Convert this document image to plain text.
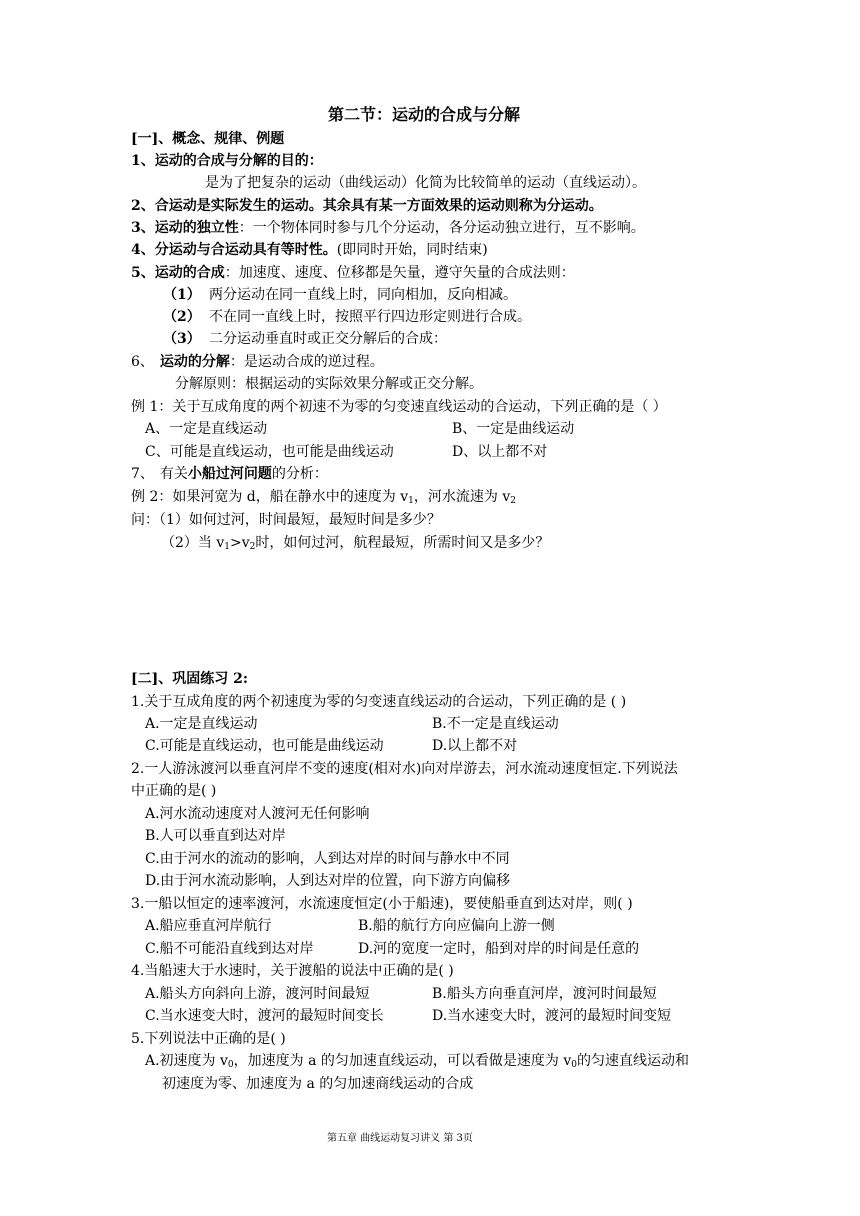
第二节：运动的合成与分解
[一]、概念、规律、例题
1、运动的合成与分解的目的：
是为了把复杂的运动（曲线运动）化简为比较简单的运动（直线运动）。
2、合运动是实际发生的运动。其余具有某一方面效果的运动则称为分运动。
3、运动的独立性：一个物体同时参与几个分运动，各分运动独立进行，互不影响。
4、分运动与合运动具有等时性。(即同时开始，同时结束)
5、运动的合成：加速度、速度、位移都是矢量，遵守矢量的合成法则：
（1） 两分运动在同一直线上时，同向相加，反向相减。
（2） 不在同一直线上时，按照平行四边形定则进行合成。
（3） 二分运动垂直时或正交分解后的合成：
6、 运动的分解：是运动合成的逆过程。
分解原则：根据运动的实际效果分解或正交分解。
例 1：关于互成角度的两个初速不为零的匀变速直线运动的合运动，下列正确的是（ ）
A、一定是直线运动	B、一定是曲线运动
C、可能是直线运动，也可能是曲线运动	D、以上都不对
7、 有关小船过河问题的分析：
例 2：如果河宽为 d，船在静水中的速度为 $v_1$，河水流速为 $v_2$
问：（1）如何过河，时间最短，最短时间是多少？
（2）当 $v_1>v_2$时，如何过河，航程最短，所需时间又是多少？
[二]、巩固练习 2:
1.关于互成角度的两个初速度为零的匀变速直线运动的合运动，下列正确的是 ( )
A.一定是直线运动	B.不一定是直线运动
C.可能是直线运动，也可能是曲线运动	D.以上都不对
2.一人游泳渡河以垂直河岸不变的速度(相对水)向对岸游去，河水流动速度恒定.下列说法
中正确的是( )
A.河水流动速度对人渡河无任何影响
B.人可以垂直到达对岸
C.由于河水的流动的影响，人到达对岸的时间与静水中不同
D.由于河水流动影响，人到达对岸的位置，向下游方向偏移
3.一船以恒定的速率渡河，水流速度恒定(小于船速)，要使船垂直到达对岸，则( )
A.船应垂直河岸航行	B.船的航行方向应偏向上游一侧
C.船不可能沿直线到达对岸	D.河的宽度一定时，船到对岸的时间是任意的
4.当船速大于水速时，关于渡船的说法中正确的是( )
A.船头方向斜向上游，渡河时间最短	B.船头方向垂直河岸，渡河时间最短
C.当水速变大时，渡河的最短时间变长	D.当水速变大时，渡河的最短时间变短
5.下列说法中正确的是( )
A.初速度为 $v_0$，加速度为 a 的匀加速直线运动，可以看做是速度为 $v_0$的匀速直线运动和
初速度为零、加速度为 a 的匀加速商线运动的合成
第五章 曲线运动复习讲义 第 3页
